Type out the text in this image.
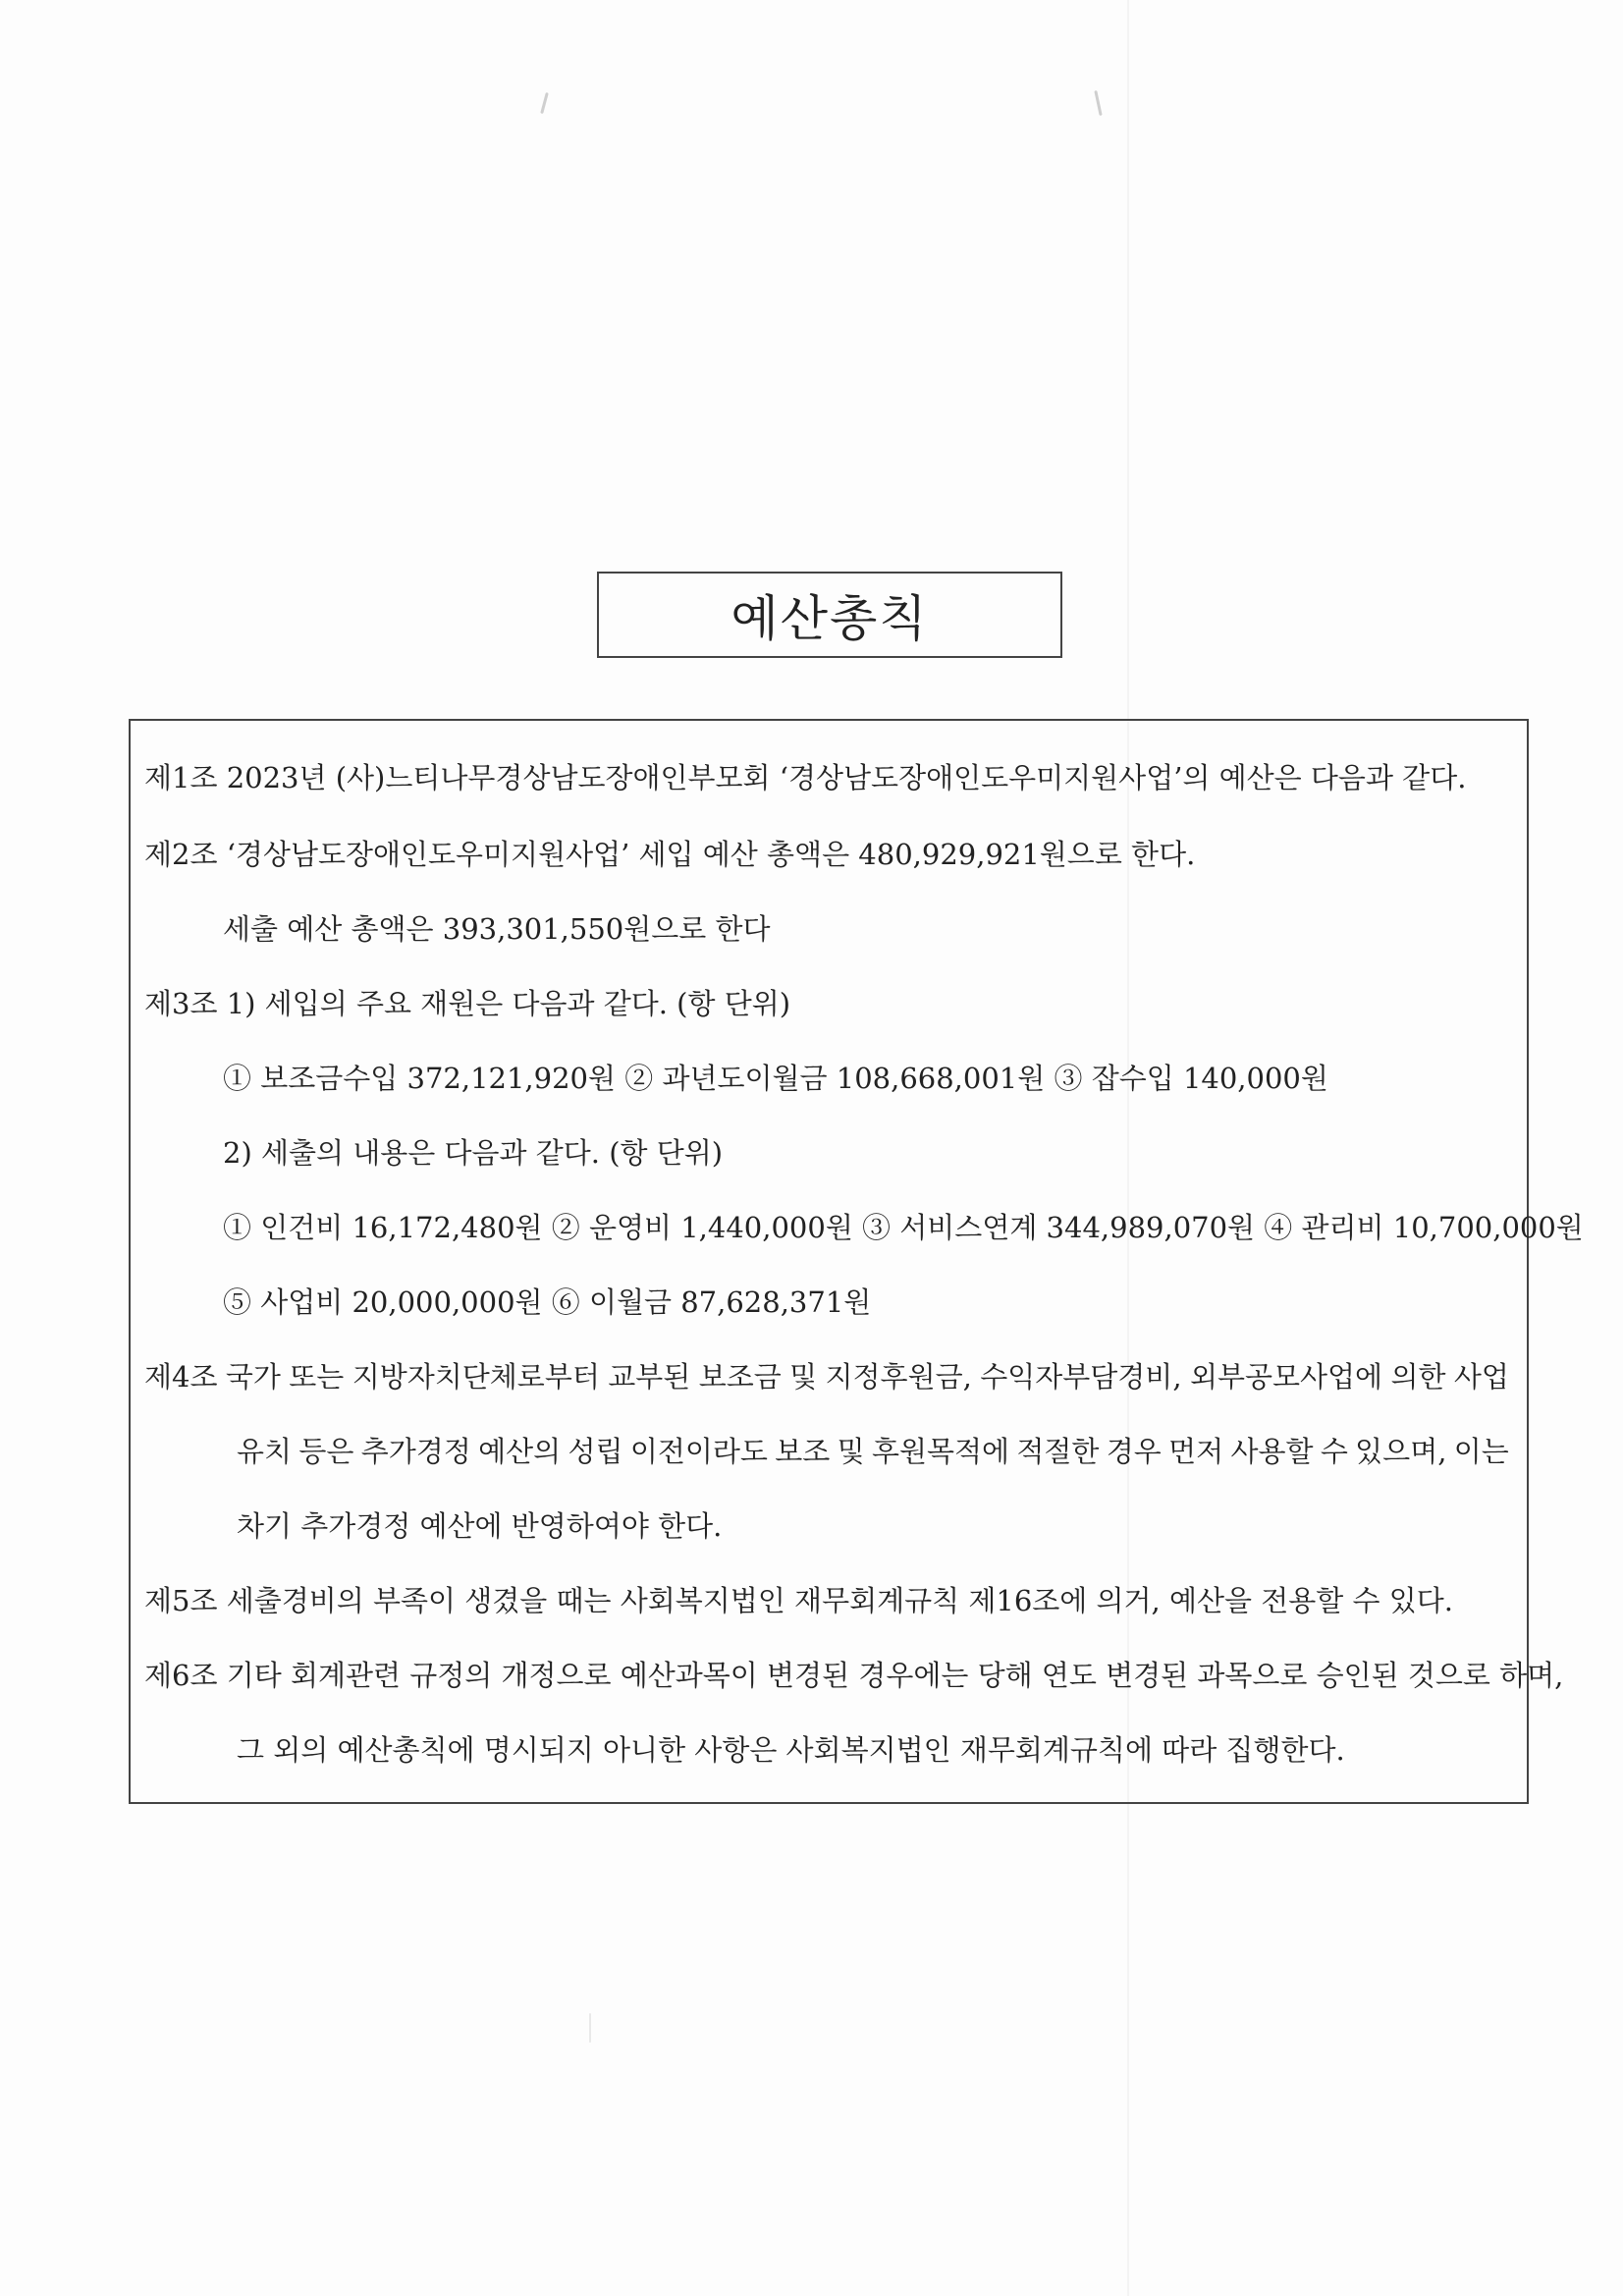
예산총칙
제1조 2023년 (사)느티나무경상남도장애인부모회 ‘경상남도장애인도우미지원사업’의 예산은 다음과 같다.
제2조 ‘경상남도장애인도우미지원사업’ 세입 예산 총액은 480,929,921원으로 한다.
세출 예산 총액은 393,301,550원으로 한다
제3조 1) 세입의 주요 재원은 다음과 같다. (항 단위)
① 보조금수입 372,121,920원 ② 과년도이월금 108,668,001원 ③ 잡수입 140,000원
2) 세출의 내용은 다음과 같다. (항 단위)
① 인건비 16,172,480원 ② 운영비 1,440,000원 ③ 서비스연계 344,989,070원 ④ 관리비 10,700,000원
⑤ 사업비 20,000,000원 ⑥ 이월금 87,628,371원
제4조 국가 또는 지방자치단체로부터 교부된 보조금 및 지정후원금, 수익자부담경비, 외부공모사업에 의한 사업
유치 등은 추가경정 예산의 성립 이전이라도 보조 및 후원목적에 적절한 경우 먼저 사용할 수 있으며, 이는
차기 추가경정 예산에 반영하여야 한다.
제5조 세출경비의 부족이 생겼을 때는 사회복지법인 재무회계규칙 제16조에 의거, 예산을 전용할 수 있다.
제6조 기타 회계관련 규정의 개정으로 예산과목이 변경된 경우에는 당해 연도 변경된 과목으로 승인된 것으로 하며,
그 외의 예산총칙에 명시되지 아니한 사항은 사회복지법인 재무회계규칙에 따라 집행한다.
